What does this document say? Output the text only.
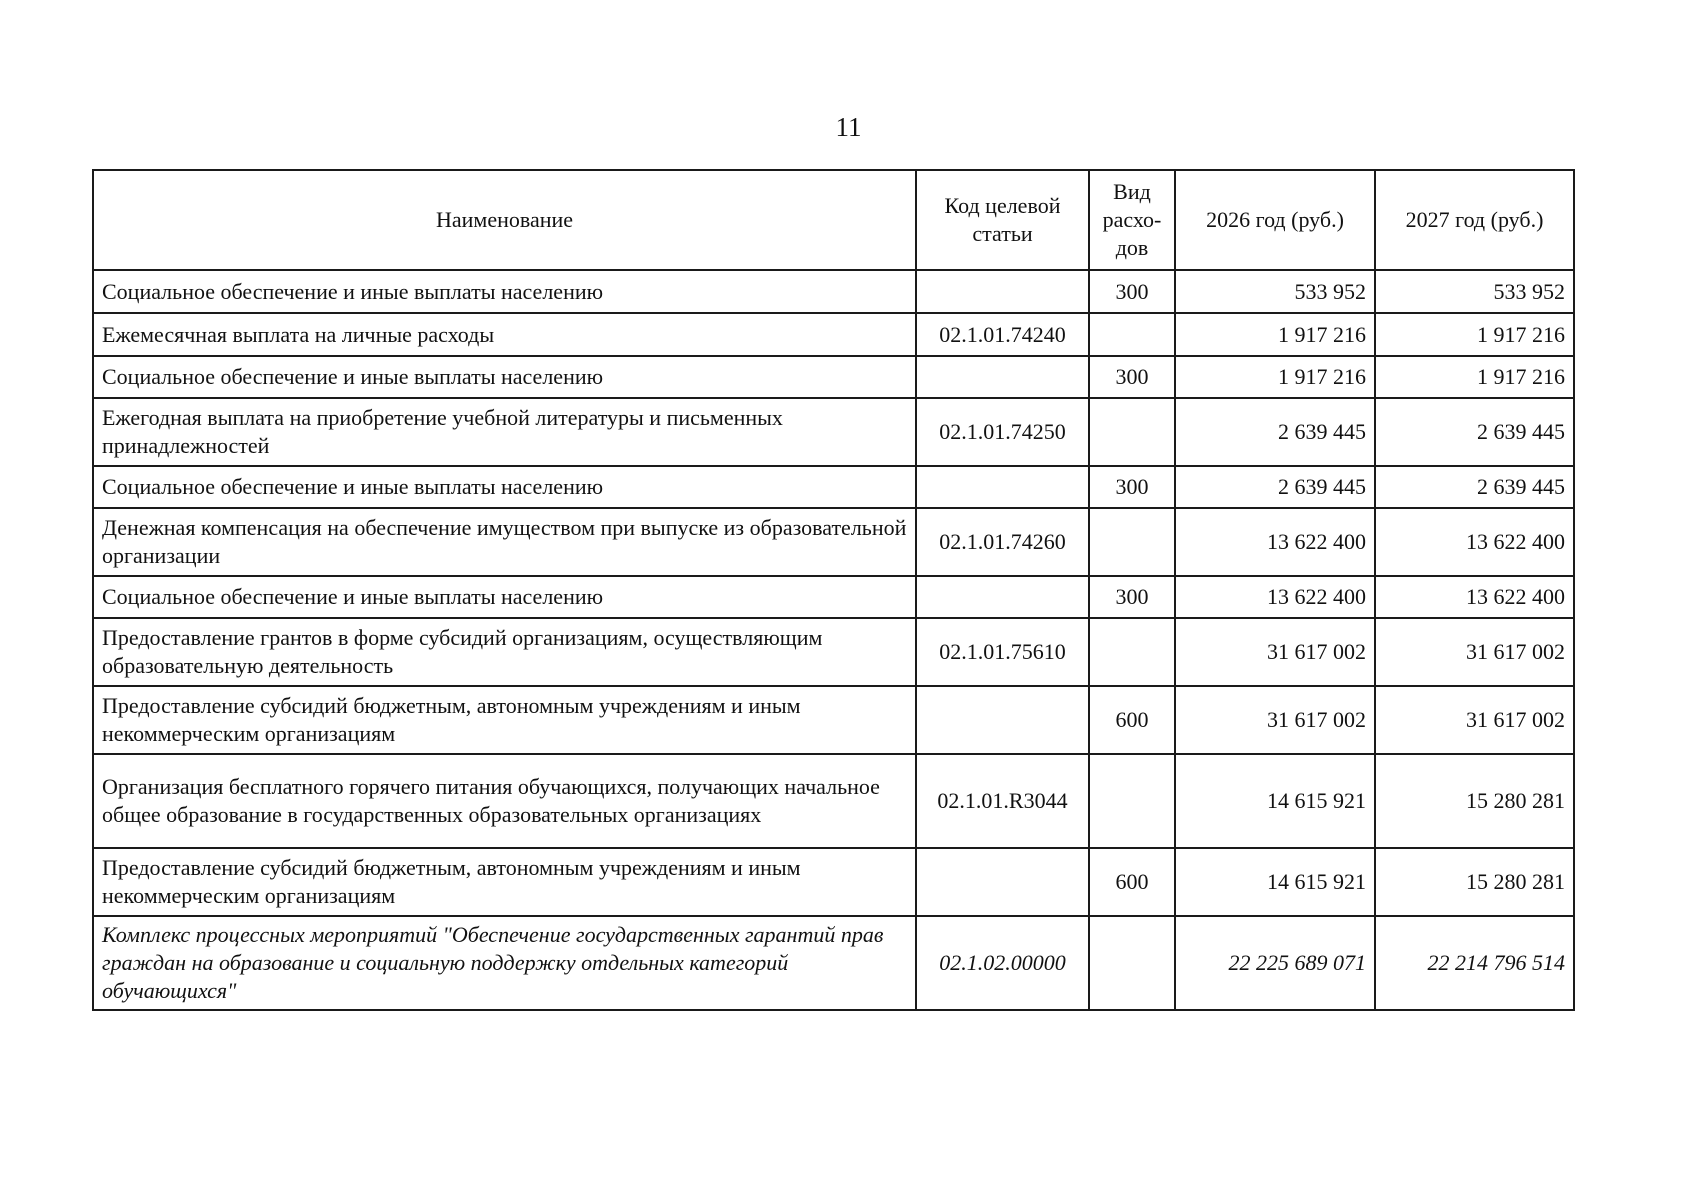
11
Наименование	Код целевой статьи	Вид расхо-дов	2026 год (руб.)	2027 год (руб.)
Социальное обеспечение и иные выплаты населению		300	533 952	533 952
Ежемесячная выплата на личные расходы	02.1.01.74240		1 917 216	1 917 216
Социальное обеспечение и иные выплаты населению		300	1 917 216	1 917 216
Ежегодная выплата на приобретение учебной литературы и письменных принадлежностей	02.1.01.74250		2 639 445	2 639 445
Социальное обеспечение и иные выплаты населению		300	2 639 445	2 639 445
Денежная компенсация на обеспечение имуществом при выпуске из образовательной организации	02.1.01.74260		13 622 400	13 622 400
Социальное обеспечение и иные выплаты населению		300	13 622 400	13 622 400
Предоставление грантов в форме субсидий организациям, осуществляющим образовательную деятельность	02.1.01.75610		31 617 002	31 617 002
Предоставление субсидий бюджетным, автономным учреждениям и иным некоммерческим организациям		600	31 617 002	31 617 002
Организация бесплатного горячего питания обучающихся, получающих начальное общее образование в государственных образовательных организациях	02.1.01.R3044		14 615 921	15 280 281
Предоставление субсидий бюджетным, автономным учреждениям и иным некоммерческим организациям		600	14 615 921	15 280 281
Комплекс процессных мероприятий "Обеспечение государственных гарантий прав граждан на образование и социальную поддержку отдельных категорий обучающихся"	02.1.02.00000		22 225 689 071	22 214 796 514
